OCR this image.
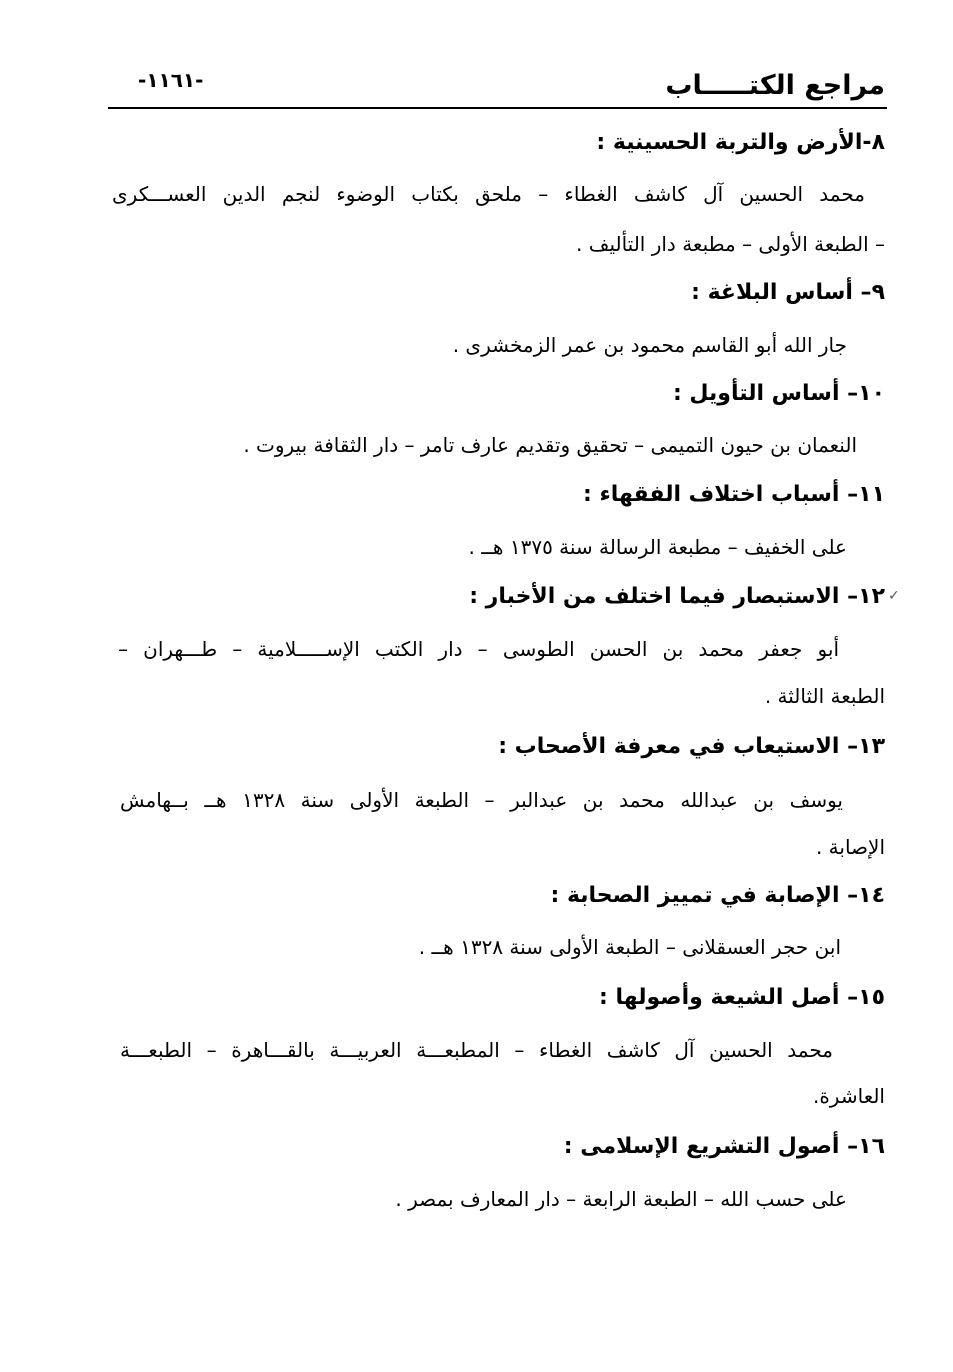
مراجع الكتـــــاب
-١١٦١-
٨-الأرض والتربة الحسينية :
محمد الحسين آل كاشف الغطاء – ملحق بكتاب الوضوء لنجم الدين العســـكرى
– الطبعة الأولى – مطبعة دار التأليف .
٩– أساس البلاغة :
جار الله أبو القاسم محمود بن عمر الزمخشرى .
١٠– أساس التأويل :
النعمان بن حيون التميمى – تحقيق وتقديم عارف تامر – دار الثقافة بيروت .
١١– أسباب اختلاف الفقهاء :
على الخفيف – مطبعة الرسالة سنة ١٣٧٥ هــ .
١٢– الاستبصار فيما اختلف من الأخبار : ✓
أبو جعفر محمد بن الحسن الطوسى – دار الكتب الإســـــلامية – طـــهران –
الطبعة الثالثة .
١٣– الاستيعاب في معرفة الأصحاب :
يوسف بن عبدالله محمد بن عبدالبر – الطبعة الأولى سنة ١٣٢٨ هــ بــهامش
الإصابة .
١٤– الإصابة في تمييز الصحابة :
ابن حجر العسقلانى – الطبعة الأولى سنة ١٣٢٨ هــ .
١٥– أصل الشيعة وأصولها :
محمد الحسين آل كاشف الغطاء – المطبعـــة العربيـــة بالقـــاهرة – الطبعـــة
العاشرة.
١٦– أصول التشريع الإسلامى :
على حسب الله – الطبعة الرابعة – دار المعارف بمصر .
